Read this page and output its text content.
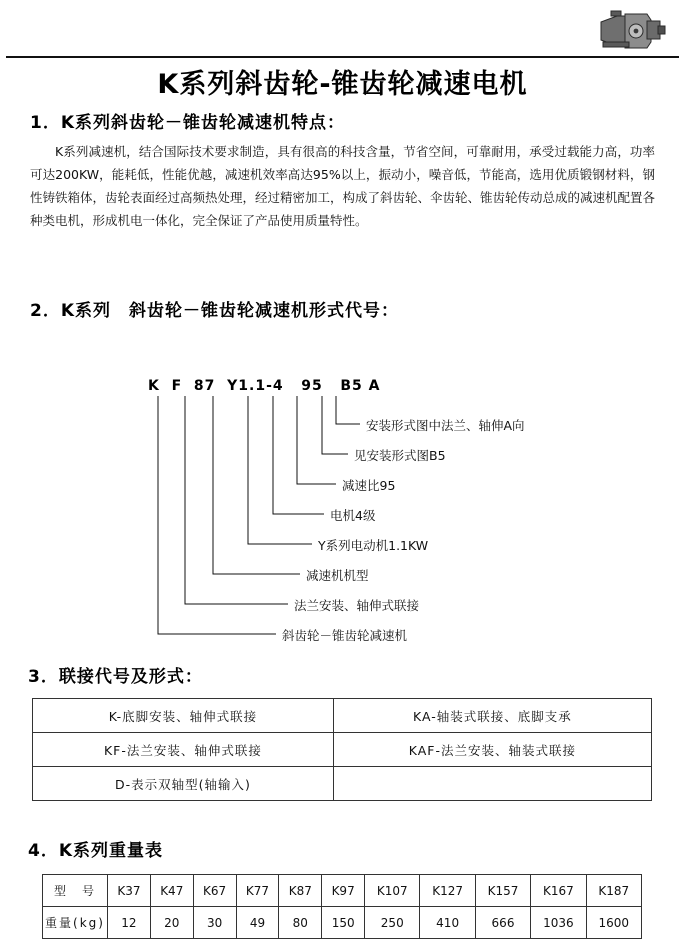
K系列斜齿轮-锥齿轮减速电机
1．K系列斜齿轮－锥齿轮减速机特点：
K系列减速机，结合国际技术要求制造，具有很高的科技含量，节省空间，可靠耐用，承受过载能力高，功率可达200KW，能耗低，性能优越，减速机效率高达95%以上，振动小，噪音低，节能高，选用优质锻钢材料，钢性铸铁箱体，齿轮表面经过高频热处理，经过精密加工，构成了斜齿轮、伞齿轮、锥齿轮传动总成的减速机配置各种类电机，形成机电一体化，完全保证了产品使用质量特性。
2．K系列　斜齿轮－锥齿轮减速机形式代号：
K  F  87  Y1.1-4   95   B5 A
安装形式图中法兰、轴伸A向
见安装形式图B5
减速比95
电机4级
Y系列电动机1.1KW
减速机机型
法兰安装、轴伸式联接
斜齿轮－锥齿轮减速机
3．联接代号及形式：
K-底脚安装、轴伸式联接	KA-轴装式联接、底脚支承
KF-法兰安装、轴伸式联接	KAF-法兰安装、轴装式联接
D-表示双轴型(轴输入)	
4．K系列重量表
型　号	K37	K47	K67	K77	K87	K97	K107	K127	K157	K167	K187
重量(kg)	12	20	30	49	80	150	250	410	666	1036	1600
